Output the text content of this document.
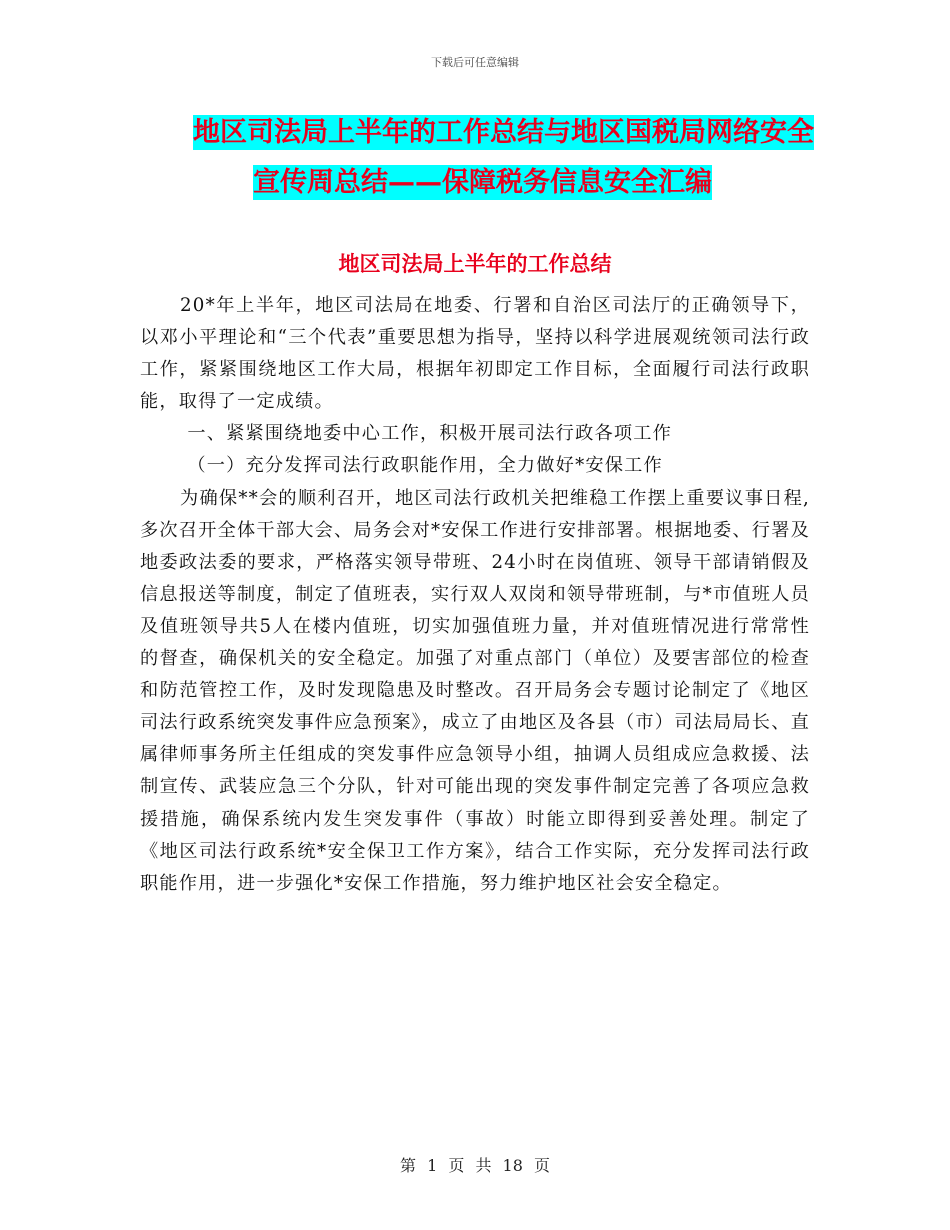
下载后可任意编辑
地区司法局上半年的工作总结与地区国税局网络安全
宣传周总结——保障税务信息安全汇编
地区司法局上半年的工作总结

20*年上半年，地区司法局在地委、行署和自治区司法厅的正确领导下，以邓小平理论和“三个代表”重要思想为指导，坚持以科学进展观统领司法行政工作，紧紧围绕地区工作大局，根据年初即定工作目标，全面履行司法行政职能，取得了一定成绩。

一、紧紧围绕地委中心工作，积极开展司法行政各项工作

（一）充分发挥司法行政职能作用，全力做好*安保工作

为确保**会的顺利召开，地区司法行政机关把维稳工作摆上重要议事日程,多次召开全体干部大会、局务会对*安保工作进行安排部署。根据地委、行署及地委政法委的要求，严格落实领导带班、24小时在岗值班、领导干部请销假及信息报送等制度，制定了值班表，实行双人双岗和领导带班制，与*市值班人员及值班领导共5人在楼内值班，切实加强值班力量，并对值班情况进行常常性的督查，确保机关的安全稳定。加强了对重点部门（单位）及要害部位的检查和防范管控工作，及时发现隐患及时整改。召开局务会专题讨论制定了《地区司法行政系统突发事件应急预案》，成立了由地区及各县（市）司法局局长、直属律师事务所主任组成的突发事件应急领导小组，抽调人员组成应急救援、法制宣传、武装应急三个分队，针对可能出现的突发事件制定完善了各项应急救援措施，确保系统内发生突发事件（事故）时能立即得到妥善处理。制定了《地区司法行政系统*安全保卫工作方案》，结合工作实际，充分发挥司法行政职能作用，进一步强化*安保工作措施，努力维护地区社会安全稳定。

第 1 页 共 18 页
